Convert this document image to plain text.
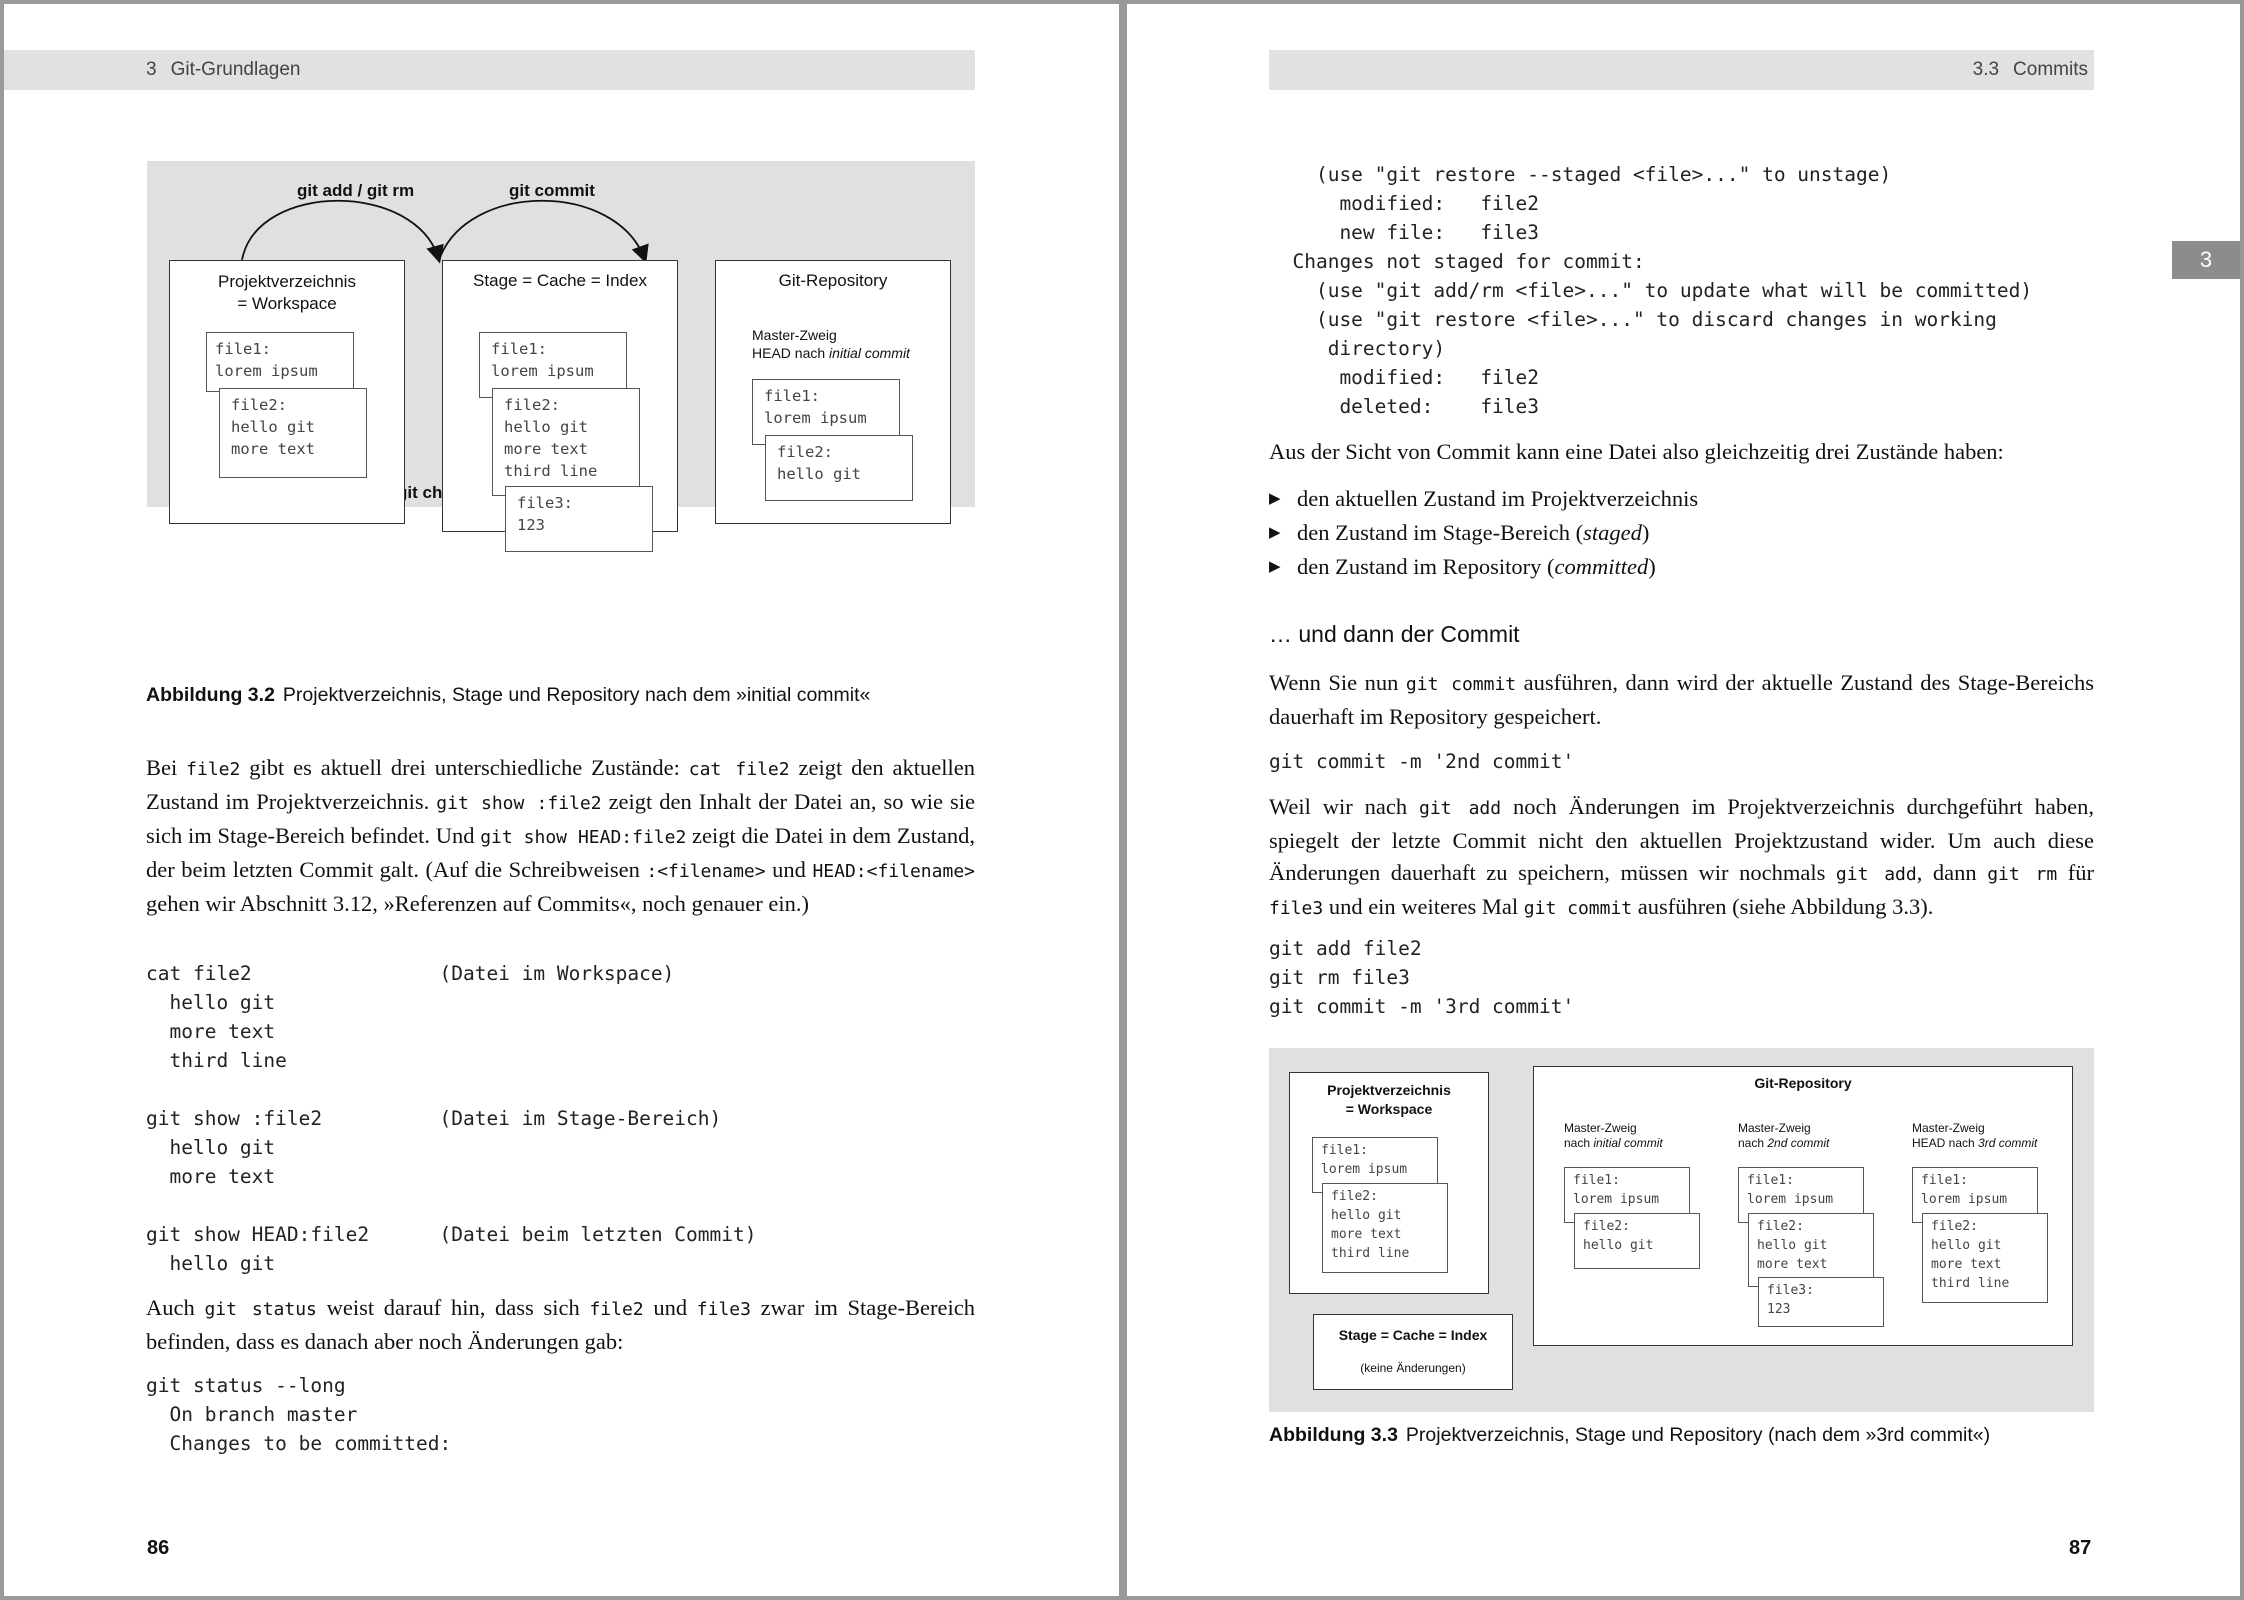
3 Git-Grundlagen
git add / git rm	git commit
git
Projektverzeichnis
= Workspace
file1:
lorem ipsum
file2:
hello git
more text
Stage = Cache = Index
file1:
lorem ipsum
file2:
hello git
more text
third line
file3:
123
Git-Repository
Master-Zweig
HEAD nach initial commit
file1:
lorem ipsum
file2:
hello git
Abbildung 3.2 Projektverzeichnis, Stage und Repository nach dem »initial commit«

Bei file2 gibt es aktuell drei unterschiedliche Zustände: cat file2 zeigt den aktuellen Zustand im Projektverzeichnis. git show :file2 zeigt den Inhalt der Datei an, so wie sie sich im Stage-Bereich befindet. Und git show HEAD:file2 zeigt die Datei in dem Zustand, der beim letzten Commit galt. (Auf die Schreibweisen :<filename> und HEAD:<filename> gehen wir Abschnitt 3.12, »Referenzen auf Commits«, noch genauer ein.)

cat file2                (Datei im Workspace)
hello git
more text
third line

git show :file2          (Datei im Stage-Bereich)
hello git
more text

git show HEAD:file2      (Datei beim letzten Commit)
hello git

Auch git status weist darauf hin, dass sich file2 und file3 zwar im Stage-Bereich befinden, dass es danach aber noch Änderungen gab:

git status --long
On branch master
Changes to be committed:
86
3.3 Commits
3
(use "git restore --staged <file>..." to unstage)
modified:   file2
new file:   file3
Changes not staged for commit:
(use "git add/rm <file>..." to update what will be committed)
(use "git restore <file>..." to discard changes in working
directory)
modified:   file2
deleted:    file3

Aus der Sicht von Commit kann eine Datei also gleichzeitig drei Zustände haben:

▶ den aktuellen Zustand im Projektverzeichnis
▶ den Zustand im Stage-Bereich (staged)
▶ den Zustand im Repository (committed)
… und dann der Commit

Wenn Sie nun git commit ausführen, dann wird der aktuelle Zustand des Stage-Bereichs dauerhaft im Repository gespeichert.

git commit -m '2nd commit'

Weil wir nach git add noch Änderungen im Projektverzeichnis durchgeführt haben, spiegelt der letzte Commit nicht den aktuellen Projektzustand wider. Um auch diese Änderungen dauerhaft zu speichern, müssen wir nochmals git add, dann git rm für file3 und ein weiteres Mal git commit ausführen (siehe Abbildung 3.3).

git add file2
git rm file3
git commit -m '3rd commit'
Projektverzeichnis
= Workspace
file1:
lorem ipsum
file2:
hello git
more text
third line
Stage = Cache = Index
(keine Änderungen)
Git-Repository
Master-Zweig
nach initial commit
file1:
lorem ipsum
file2:
hello git
Master-Zweig
nach 2nd commit
file1:
lorem ipsum
file2:
hello git
more text
file3:
123
Master-Zweig
HEAD nach 3rd commit
file1:
lorem ipsum
file2:
hello git
more text
third line
Abbildung 3.3 Projektverzeichnis, Stage und Repository (nach dem »3rd commit«)
87
